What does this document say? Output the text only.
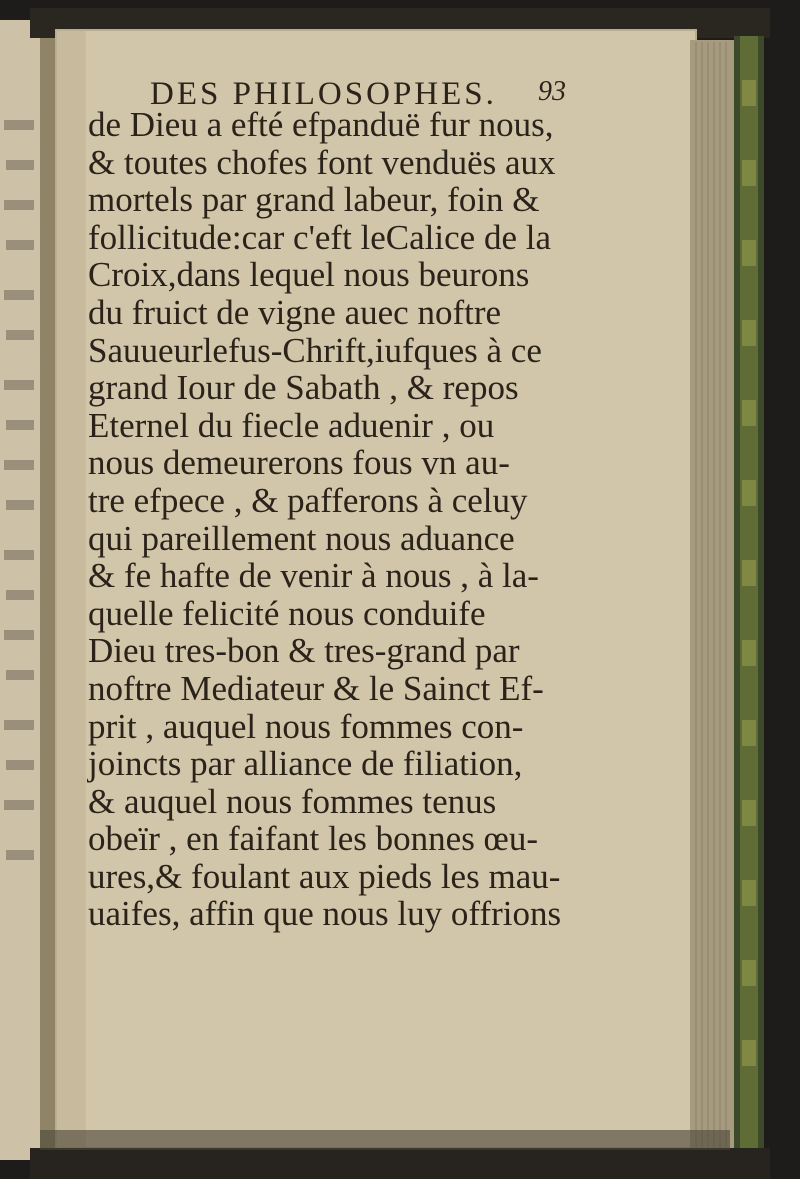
DES PHILOSOPHES. 93
de Dieu a efté efpanduë fur nous,
& toutes chofes font venduës aux
mortels par grand labeur, foin &
follicitude:car c'eft leCalice de la
Croix,dans lequel nous beurons
du fruict de vigne auec noftre
Sauueurlefus-Chrift,iufques à ce
grand Iour de Sabath , & repos
Eternel du fiecle aduenir , ou
nous demeurerons fous vn au-
tre efpece , & pafferons à celuy
qui pareillement nous aduance
& fe hafte de venir à nous , à la-
quelle felicité nous conduife
Dieu tres-bon & tres-grand par
noftre Mediateur & le Sainct Ef-
prit , auquel nous fommes con-
joincts par alliance de filiation,
& auquel nous fommes tenus
obeïr , en faifant les bonnes œu-
ures,& foulant aux pieds les mau-
uaifes, affin que nous luy offrions
